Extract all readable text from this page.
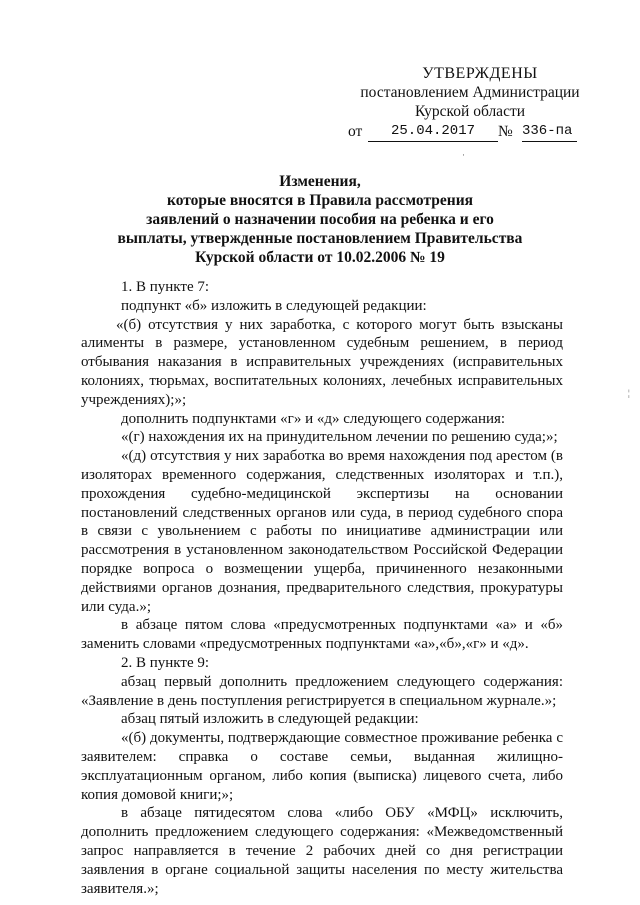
УТВЕРЖДЕНЫ
постановлением Администрации
Курской области
от	25.04.2017	№ 336-па
Изменения,
которые вносятся в Правила рассмотрения
заявлений о назначении пособия на ребенка и его
выплаты, утвержденные постановлением Правительства
Курской области от 10.02.2006 № 19

1. В пункте 7:

подпункт «б» изложить в следующей редакции:

«(б) отсутствия у них заработка, с которого могут быть взысканы алименты в размере, установленном судебным решением, в период отбывания наказания в исправительных учреждениях (исправительных колониях, тюрьмах, воспитательных колониях, лечебных исправительных учреждениях);»;

дополнить подпунктами «г» и «д» следующего содержания:

«(г) нахождения их на принудительном лечении по решению суда;»;

«(д) отсутствия у них заработка во время нахождения под арестом (в изоляторах временного содержания, следственных изоляторах и т.п.), прохождения судебно-медицинской экспертизы на основании постановлений следственных органов или суда, в период судебного спора в связи с увольнением с работы по инициативе администрации или рассмотрения в установленном законодательством Российской Федерации порядке вопроса о возмещении ущерба, причиненного незаконными действиями органов дознания, предварительного следствия, прокуратуры или суда.»;

в абзаце пятом слова «предусмотренных подпунктами «а» и «б» заменить словами «предусмотренных подпунктами «а»,«б»,«г» и «д».

2. В пункте 9:

абзац первый дополнить предложением следующего содержания: «Заявление в день поступления регистрируется в специальном журнале.»;

абзац пятый изложить в следующей редакции:

«(б) документы, подтверждающие совместное проживание ребенка с заявителем: справка о составе семьи, выданная жилищно-эксплуатационным органом, либо копия (выписка) лицевого счета, либо копия домовой книги;»;

в абзаце пятидесятом слова «либо ОБУ «МФЦ» исключить, дополнить предложением следующего содержания: «Межведомственный запрос направляется в течение 2 рабочих дней со дня регистрации заявления в органе социальной защиты населения по месту жительства заявителя.»;

·
¦
